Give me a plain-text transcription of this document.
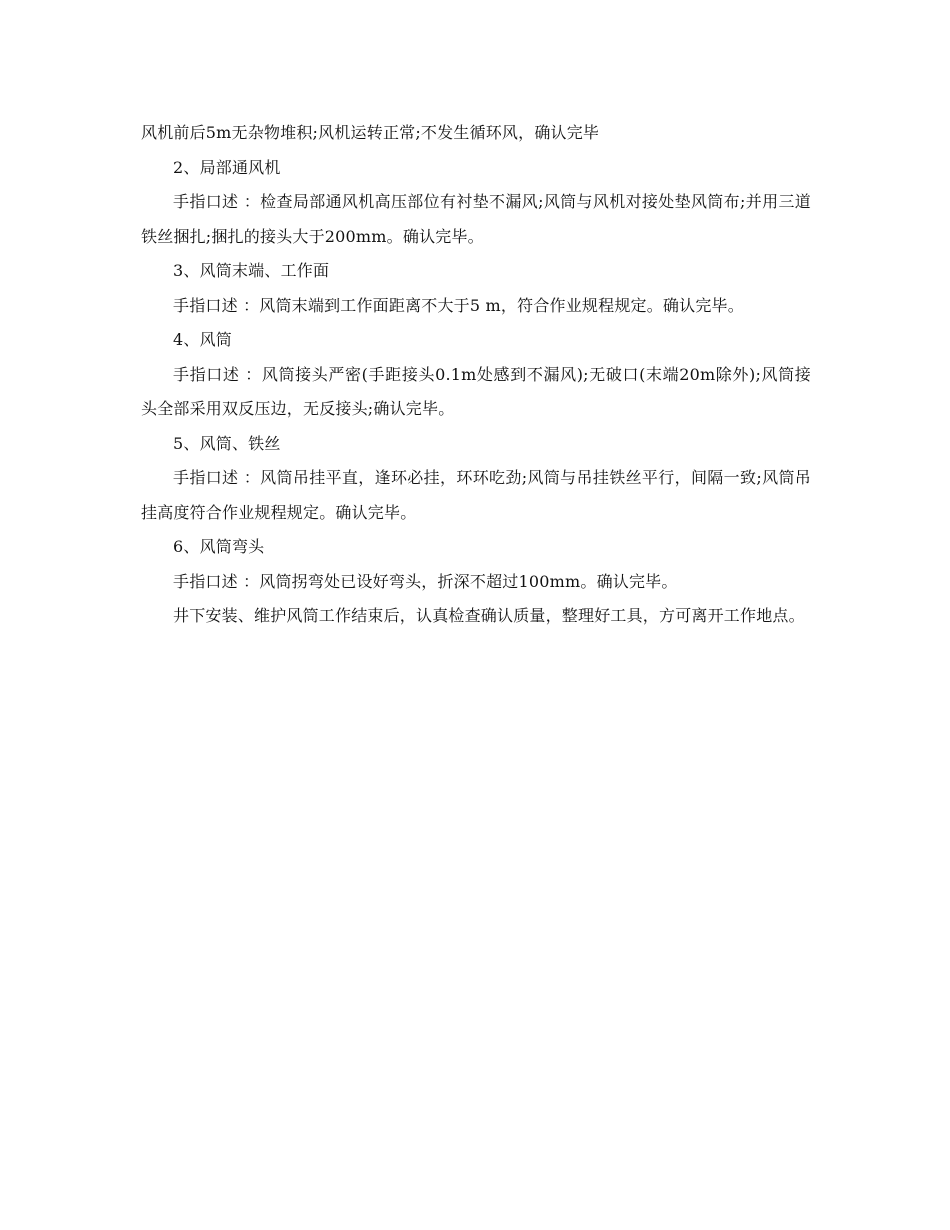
风机前后5m无杂物堆积;风机运转正常;不发生循环风，确认完毕

2、局部通风机

手指口述 ：检查局部通风机高压部位有衬垫不漏风;风筒与风机对接处垫风筒布;并用三道铁丝捆扎;捆扎的接头大于200mm。确认完毕。

3、风筒末端、工作面

手指口述 ：风筒末端到工作面距离不大于5 m，符合作业规程规定。确认完毕。

4、风筒

手指口述 ：风筒接头严密(手距接头0.1m处感到不漏风);无破口(末端20m除外);风筒接头全部采用双反压边，无反接头;确认完毕。

5、风筒、铁丝

手指口述 ：风筒吊挂平直，逢环必挂，环环吃劲;风筒与吊挂铁丝平行，间隔一致;风筒吊挂高度符合作业规程规定。确认完毕。

6、风筒弯头

手指口述 ：风筒拐弯处已设好弯头，折深不超过100mm。确认完毕。

井下安装、维护风筒工作结束后，认真检查确认质量，整理好工具，方可离开工作地点。
